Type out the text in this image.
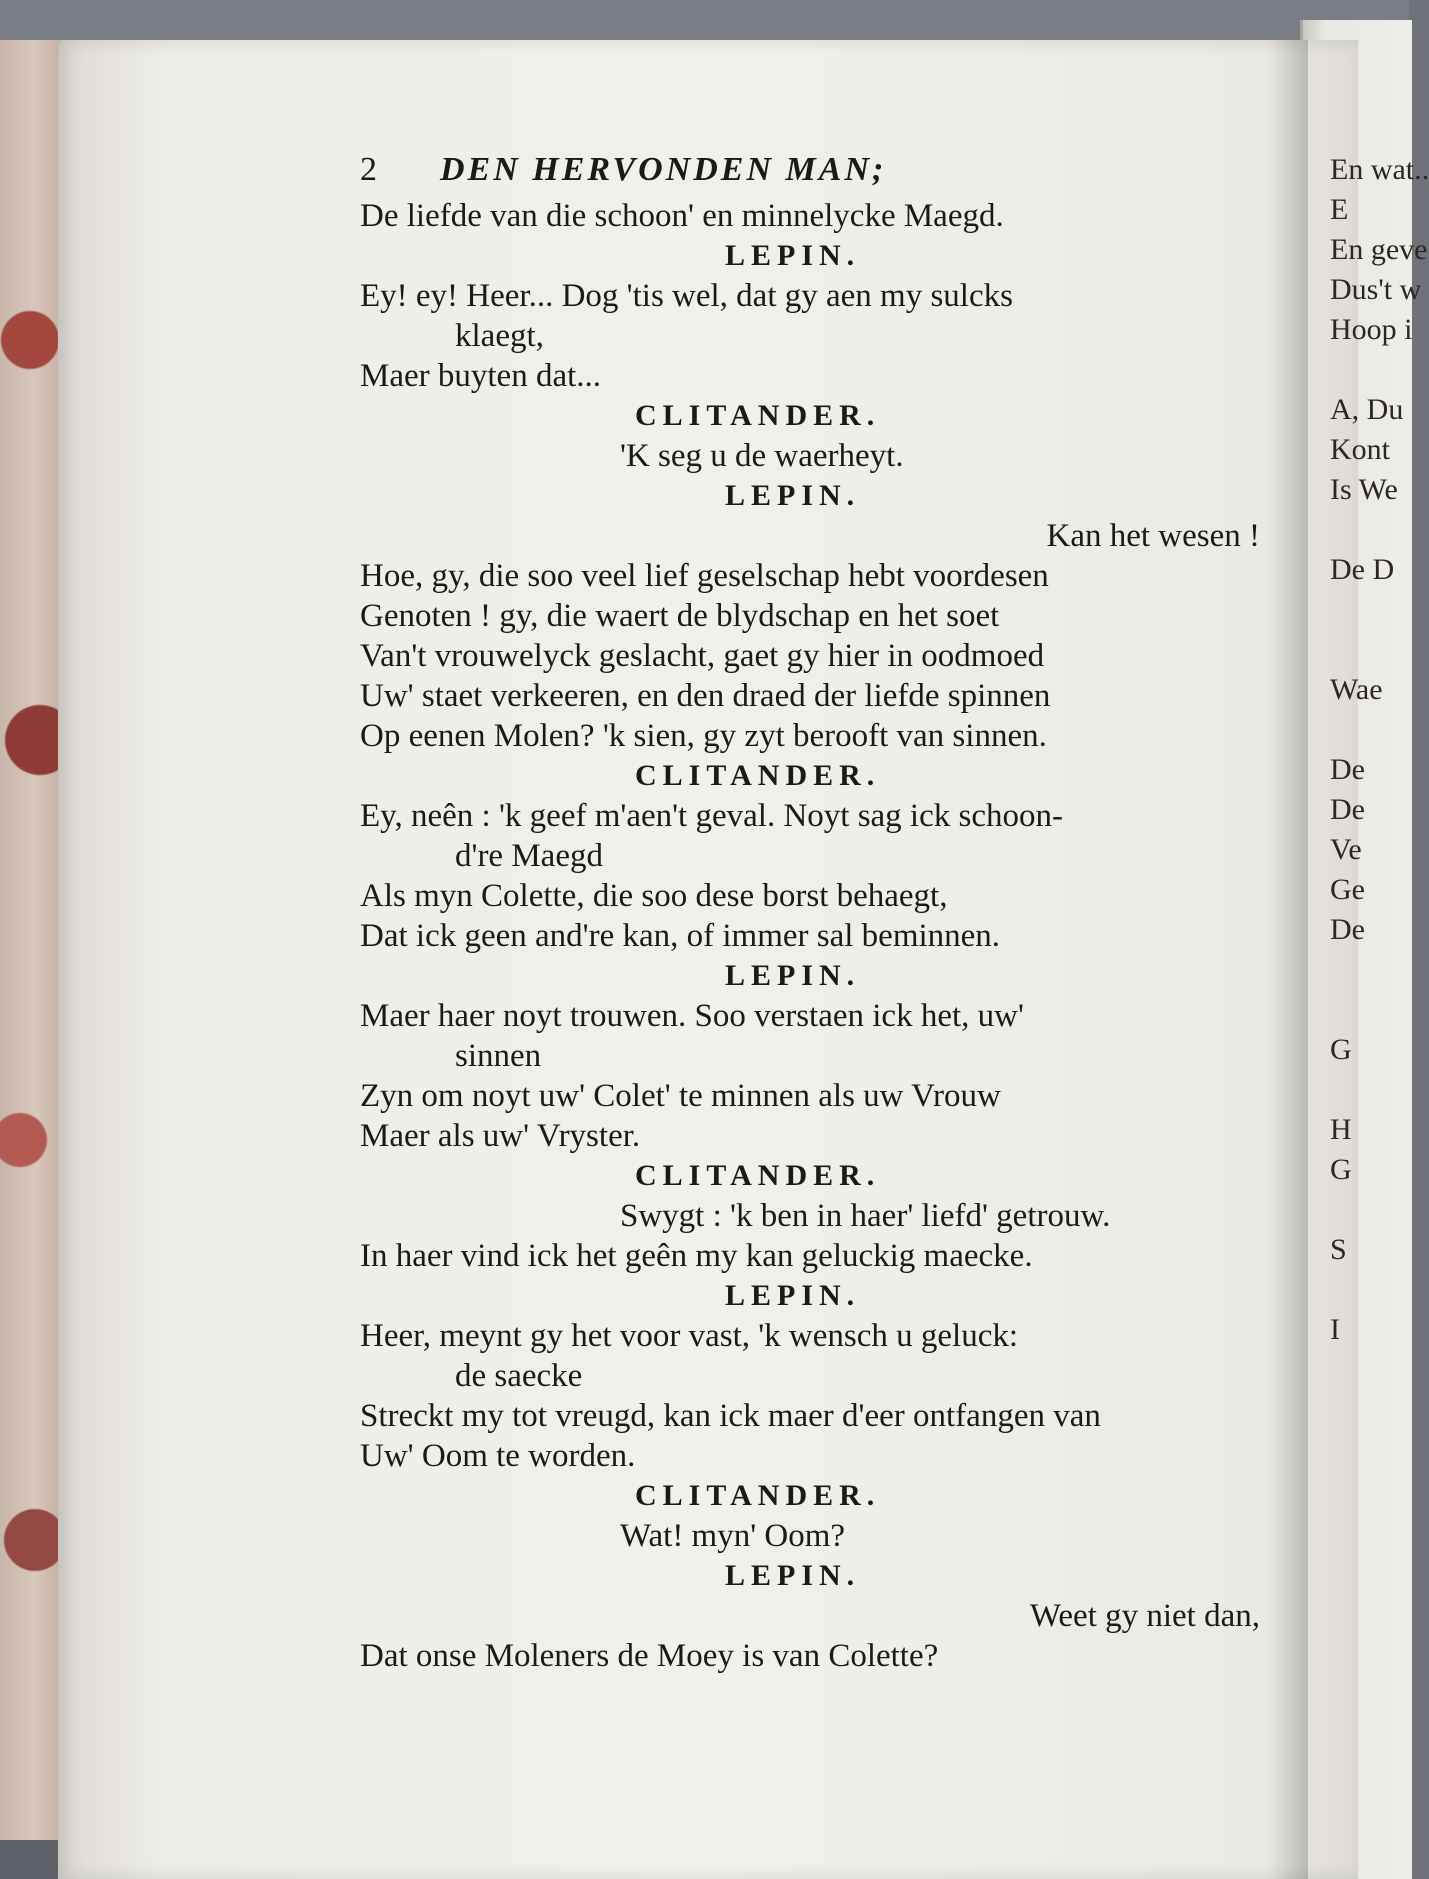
2	DEN HERVONDEN MAN;
De liefde van die schoon' en minnelycke Maegd.
LEPIN.
Ey! ey! Heer... Dog 'tis wel, dat gy aen my sulcks
klaegt,
Maer buyten dat...
CLITANDER.
'K seg u de waerheyt.
LEPIN.
Kan het wesen !
Hoe, gy, die soo veel lief geselschap hebt voordesen
Genoten ! gy, die waert de blydschap en het soet
Van't vrouwelyck geslacht, gaet gy hier in oodmoed
Uw' staet verkeeren, en den draed der liefde spinnen
Op eenen Molen? 'k sien, gy zyt berooft van sinnen.
CLITANDER.
Ey, neên : 'k geef m'aen't geval. Noyt sag ick schoon-
d're Maegd
Als myn Colette, die soo dese borst behaegt,
Dat ick geen and're kan, of immer sal beminnen.
LEPIN.
Maer haer noyt trouwen. Soo verstaen ick het, uw'
sinnen
Zyn om noyt uw' Colet' te minnen als uw Vrouw
Maer als uw' Vryster.
CLITANDER.
Swygt : 'k ben in haer' liefd' getrouw.
In haer vind ick het geên my kan geluckig maecke.
LEPIN.
Heer, meynt gy het voor vast, 'k wensch u geluck:
de saecke
Streckt my tot vreugd, kan ick maer d'eer ontfangen van
Uw' Oom te worden.
CLITANDER.
Wat! myn' Oom?
LEPIN.
Weet gy niet dan,
Dat onse Moleners de Moey is van Colette?
En wat..
E
En geve
Dus't w
Hoop i
A, Du
Kont
Is We
De D
Wae
De
De
Ve
Ge
De
G
H
G
S
I
